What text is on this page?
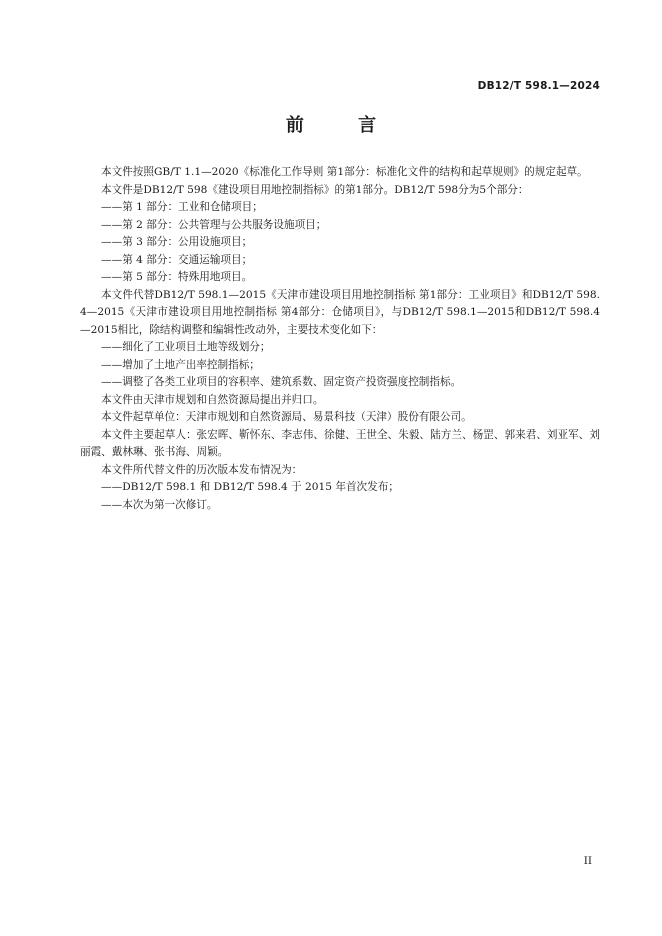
DB12/T 598.1—2024
前 言

本文件按照GB/T 1.1—2020《标准化工作导则 第1部分：标准化文件的结构和起草规则》的规定起草。

本文件是DB12/T 598《建设项目用地控制指标》的第1部分。DB12/T 598分为5个部分：

——第 1 部分：工业和仓储项目；

——第 2 部分：公共管理与公共服务设施项目；

——第 3 部分：公用设施项目；

——第 4 部分：交通运输项目；

——第 5 部分：特殊用地项目。

本文件代替DB12/T 598.1—2015《天津市建设项目用地控制指标 第1部分：工业项目》和DB12/T 598.4—2015《天津市建设项目用地控制指标 第4部分：仓储项目》，与DB12/T 598.1—2015和DB12/T 598.4—2015相比，除结构调整和编辑性改动外，主要技术变化如下：

——细化了工业项目土地等级划分；

——增加了土地产出率控制指标；

——调整了各类工业项目的容积率、建筑系数、固定资产投资强度控制指标。

本文件由天津市规划和自然资源局提出并归口。

本文件起草单位：天津市规划和自然资源局、易景科技（天津）股份有限公司。

本文件主要起草人：张宏晖、靳怀东、李志伟、徐健、王世全、朱毅、陆方兰、杨罡、郭来君、刘亚军、刘丽霞、戴林琳、张书海、周颖。

本文件所代替文件的历次版本发布情况为：

——DB12/T 598.1 和 DB12/T 598.4 于 2015 年首次发布；

——本次为第一次修订。

II
